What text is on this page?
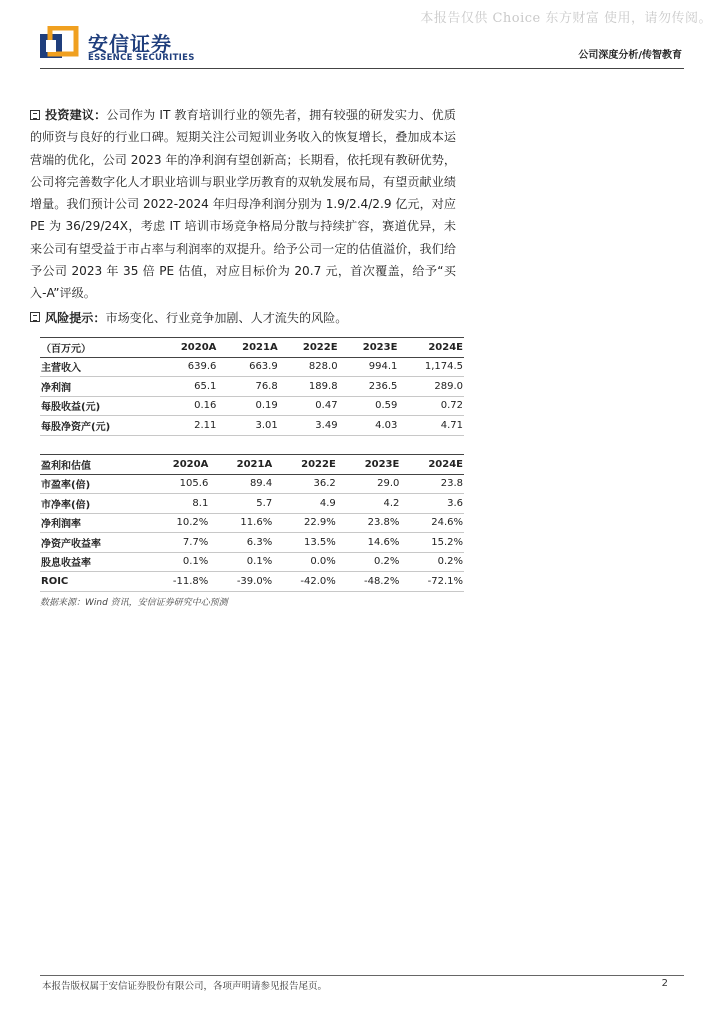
本报告仅供 Choice 东方财富 使用，请勿传阅。
安信证券
ESSENCE SECURITIES	公司深度分析/传智教育

投资建议：公司作为 IT 教育培训行业的领先者，拥有较强的研发实力、优质的师资与良好的行业口碑。短期关注公司短训业务收入的恢复增长，叠加成本运营端的优化，公司 2023 年的净利润有望创新高；长期看，依托现有教研优势，公司将完善数字化人才职业培训与职业学历教育的双轨发展布局，有望贡献业绩增量。我们预计公司 2022-2024 年归母净利润分别为 1.9/2.4/2.9 亿元，对应 PE 为 36/29/24X，考虑 IT 培训市场竞争格局分散与持续扩容，赛道优异，未来公司有望受益于市占率与利润率的双提升。给予公司一定的估值溢价，我们给予公司 2023 年 35 倍 PE 估值，对应目标价为 20.7 元，首次覆盖，给予“买入-A”评级。

风险提示：市场变化、行业竞争加剧、人才流失的风险。

（百万元）	2020A	2021A	2022E	2023E	2024E
主营收入	639.6	663.9	828.0	994.1	1,174.5
净利润	65.1	76.8	189.8	236.5	289.0
每股收益(元)	0.16	0.19	0.47	0.59	0.72
每股净资产(元)	2.11	3.01	3.49	4.03	4.71
盈利和估值	2020A	2021A	2022E	2023E	2024E
市盈率(倍)	105.6	89.4	36.2	29.0	23.8
市净率(倍)	8.1	5.7	4.9	4.2	3.6
净利润率	10.2%	11.6%	22.9%	23.8%	24.6%
净资产收益率	7.7%	6.3%	13.5%	14.6%	15.2%
股息收益率	0.1%	0.1%	0.0%	0.2%	0.2%
ROIC	-11.8%	-39.0%	-42.0%	-48.2%	-72.1%
数据来源：Wind 资讯，安信证券研究中心预测
本报告版权属于安信证券股份有限公司，各项声明请参见报告尾页。	2
